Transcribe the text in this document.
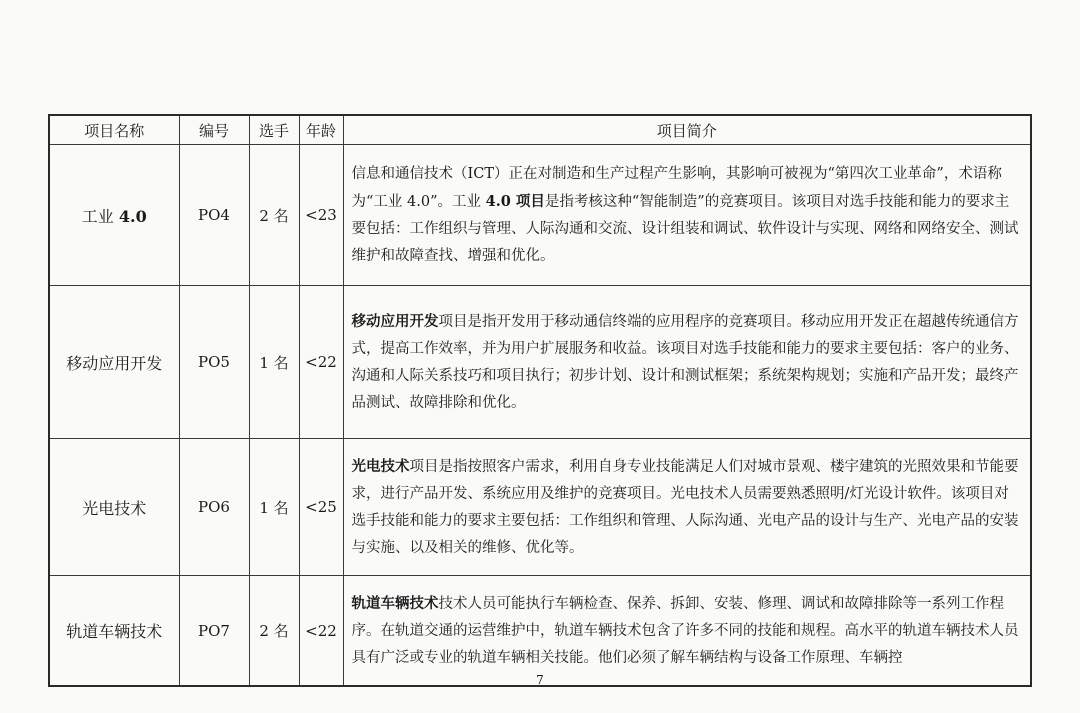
项目名称	编号	选手	年龄	项目简介
工业 4.0	PO4	2 名	<23	信息和通信技术（ICT）正在对制造和生产过程产生影响，其影响可被视为“第四次工业革命”，术语称为“工业 4.0”。工业 4.0 项目是指考核这种“智能制造”的竞赛项目。该项目对选手技能和能力的要求主要包括：工作组织与管理、人际沟通和交流、设计组装和调试、软件设计与实现、网络和网络安全、测试维护和故障查找、增强和优化。
移动应用开发	PO5	1 名	<22	移动应用开发项目是指开发用于移动通信终端的应用程序的竞赛项目。移动应用开发正在超越传统通信方式，提高工作效率，并为用户扩展服务和收益。该项目对选手技能和能力的要求主要包括：客户的业务、沟通和人际关系技巧和项目执行；初步计划、设计和测试框架；系统架构规划；实施和产品开发；最终产品测试、故障排除和优化。
光电技术	PO6	1 名	<25	光电技术项目是指按照客户需求，利用自身专业技能满足人们对城市景观、楼宇建筑的光照效果和节能要求，进行产品开发、系统应用及维护的竞赛项目。光电技术人员需要熟悉照明/灯光设计软件。该项目对选手技能和能力的要求主要包括：工作组织和管理、人际沟通、光电产品的设计与生产、光电产品的安装与实施、以及相关的维修、优化等。
轨道车辆技术	PO7	2 名	<22	轨道车辆技术技术人员可能执行车辆检查、保养、拆卸、安装、修理、调试和故障排除等一系列工作程序。在轨道交通的运营维护中，轨道车辆技术包含了许多不同的技能和规程。高水平的轨道车辆技术人员具有广泛或专业的轨道车辆相关技能。他们必须了解车辆结构与设备工作原理、车辆控
7
